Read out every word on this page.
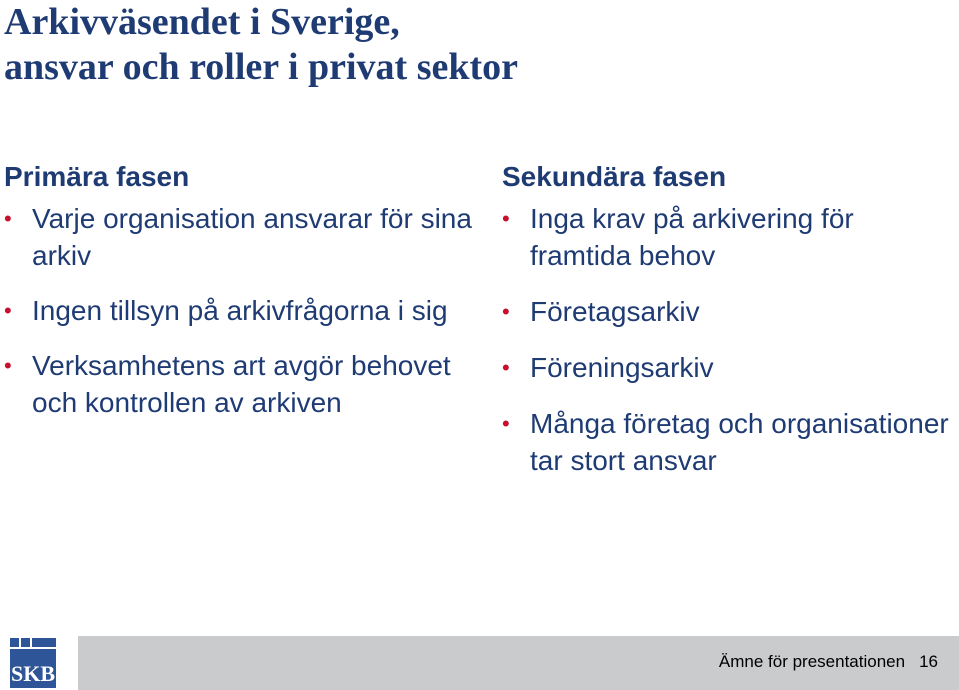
Arkivväsendet i Sverige,
ansvar och roller i privat sektor
Primära fasen
• Varje organisation ansvarar för sina arkiv
• Ingen tillsyn på arkivfrågorna i sig
• Verksamhetens art avgör behovet och kontrollen av arkiven
Sekundära fasen
• Inga krav på arkivering för framtida behov
• Företagsarkiv
• Föreningsarkiv
• Många företag och organisationer tar stort ansvar
SKB	Ämne för presentationen 16
